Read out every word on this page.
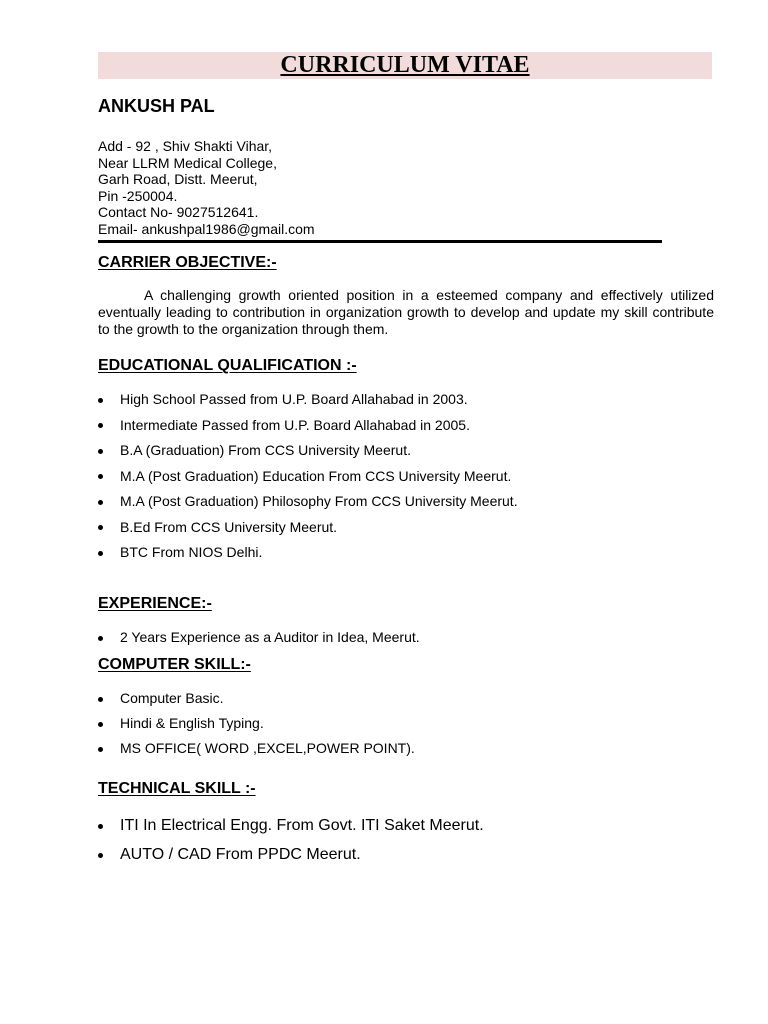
CURRICULUM VITAE
ANKUSH PAL
Add - 92 , Shiv Shakti Vihar,
Near LLRM Medical College,
Garh Road, Distt. Meerut,
Pin -250004.
Contact No- 9027512641.
Email- ankushpal1986@gmail.com
CARRIER OBJECTIVE:-
A challenging growth oriented position in a esteemed company and effectively utilized eventually leading to contribution in organization growth to develop and update my skill contribute to the growth to the organization through them.
EDUCATIONAL QUALIFICATION :-
High School Passed from U.P. Board Allahabad in 2003.
Intermediate Passed from U.P. Board Allahabad in 2005.
B.A (Graduation) From CCS University Meerut.
M.A (Post Graduation) Education From CCS University Meerut.
M.A (Post Graduation) Philosophy From CCS University Meerut.
B.Ed From CCS University Meerut.
BTC From NIOS Delhi.
EXPERIENCE:-
2 Years Experience as a Auditor in Idea, Meerut.
COMPUTER SKILL:-
Computer Basic.
Hindi & English Typing.
MS OFFICE( WORD ,EXCEL,POWER POINT).
TECHNICAL SKILL :-
ITI In Electrical Engg. From Govt. ITI Saket Meerut.
AUTO / CAD From PPDC Meerut.
